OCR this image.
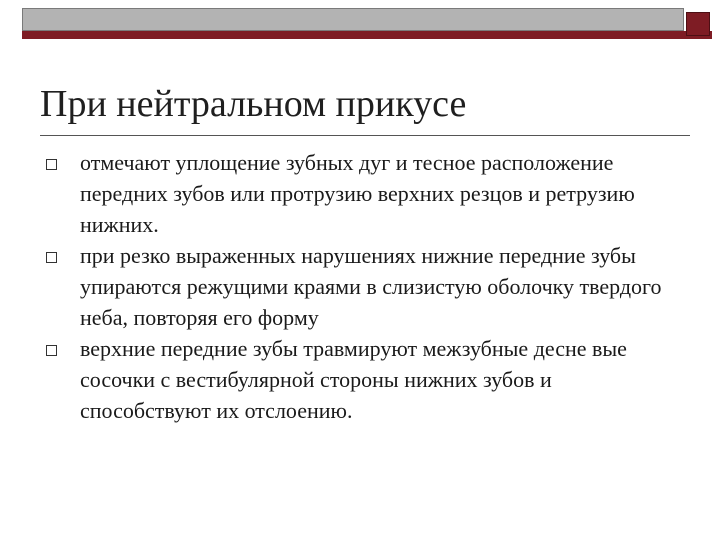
При нейтральном прикусе
отмечают уплощение зубных дуг и тесное расположение передних зубов или протрузию верхних резцов и ретрузию нижних.
при резко выраженных нарушениях нижние передние зубы упираются режущими краями в слизистую оболочку твердого неба, повторяя его форму
верхние передние зубы травмируют межзубные десне вые сосочки с вестибулярной стороны нижних зубов и способствуют их отслоению.
